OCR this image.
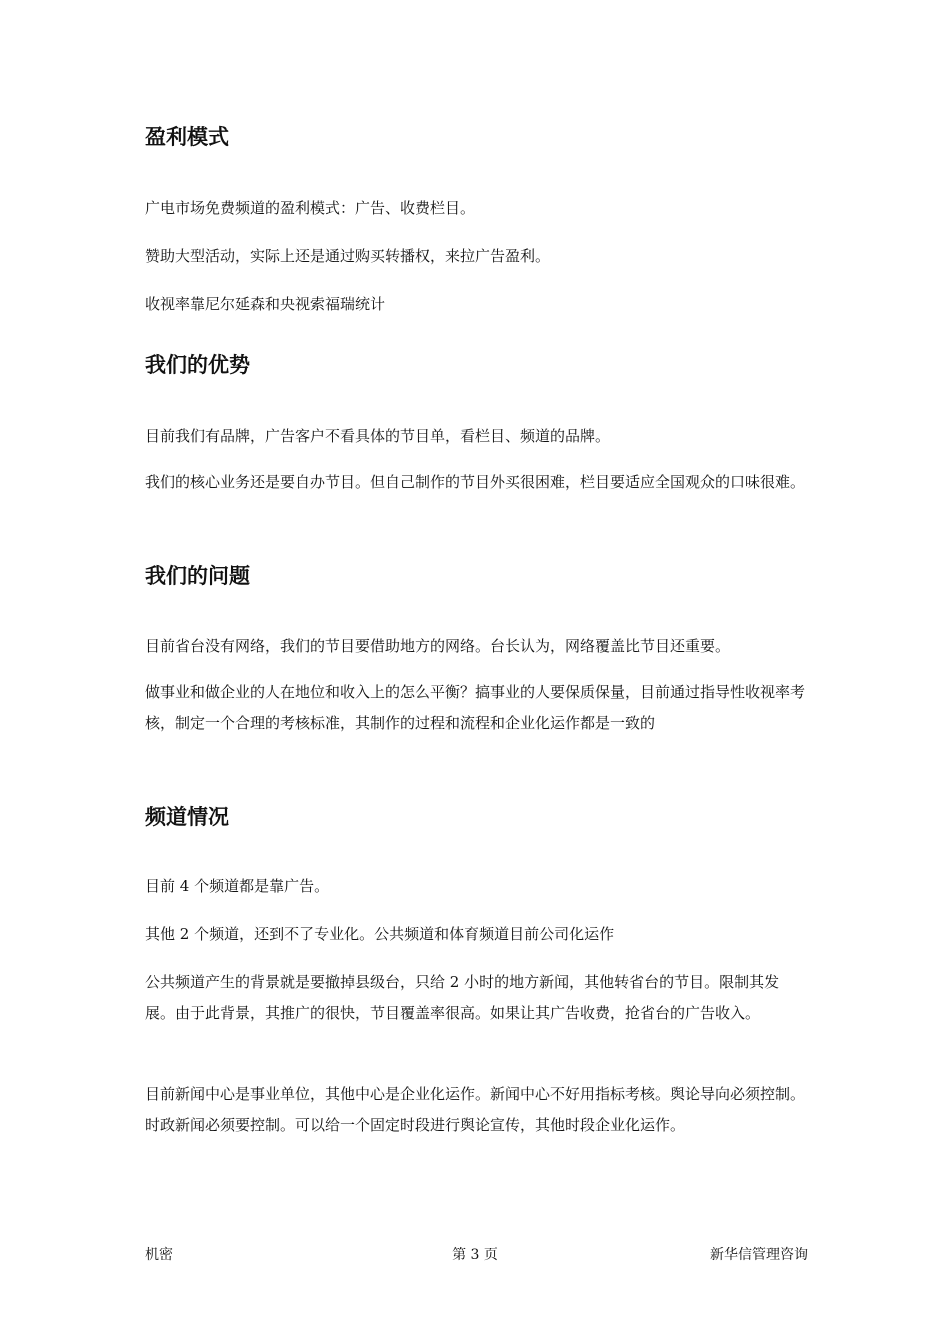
盈利模式

广电市场免费频道的盈利模式：广告、收费栏目。

赞助大型活动，实际上还是通过购买转播权，来拉广告盈利。

收视率靠尼尔延森和央视索福瑞统计

我们的优势

目前我们有品牌，广告客户不看具体的节目单，看栏目、频道的品牌。

我们的核心业务还是要自办节目。但自己制作的节目外买很困难，栏目要适应全国观众的口味很难。

我们的问题

目前省台没有网络，我们的节目要借助地方的网络。台长认为，网络覆盖比节目还重要。

做事业和做企业的人在地位和收入上的怎么平衡？搞事业的人要保质保量，目前通过指导性收视率考核，制定一个合理的考核标准，其制作的过程和流程和企业化运作都是一致的

频道情况

目前 4 个频道都是靠广告。

其他 2 个频道，还到不了专业化。公共频道和体育频道目前公司化运作

公共频道产生的背景就是要撤掉县级台，只给 2 小时的地方新闻，其他转省台的节目。限制其发展。由于此背景，其推广的很快，节目覆盖率很高。如果让其广告收费，抢省台的广告收入。

目前新闻中心是事业单位，其他中心是企业化运作。新闻中心不好用指标考核。舆论导向必须控制。时政新闻必须要控制。可以给一个固定时段进行舆论宣传，其他时段企业化运作。

机密	第 3 页	新华信管理咨询
